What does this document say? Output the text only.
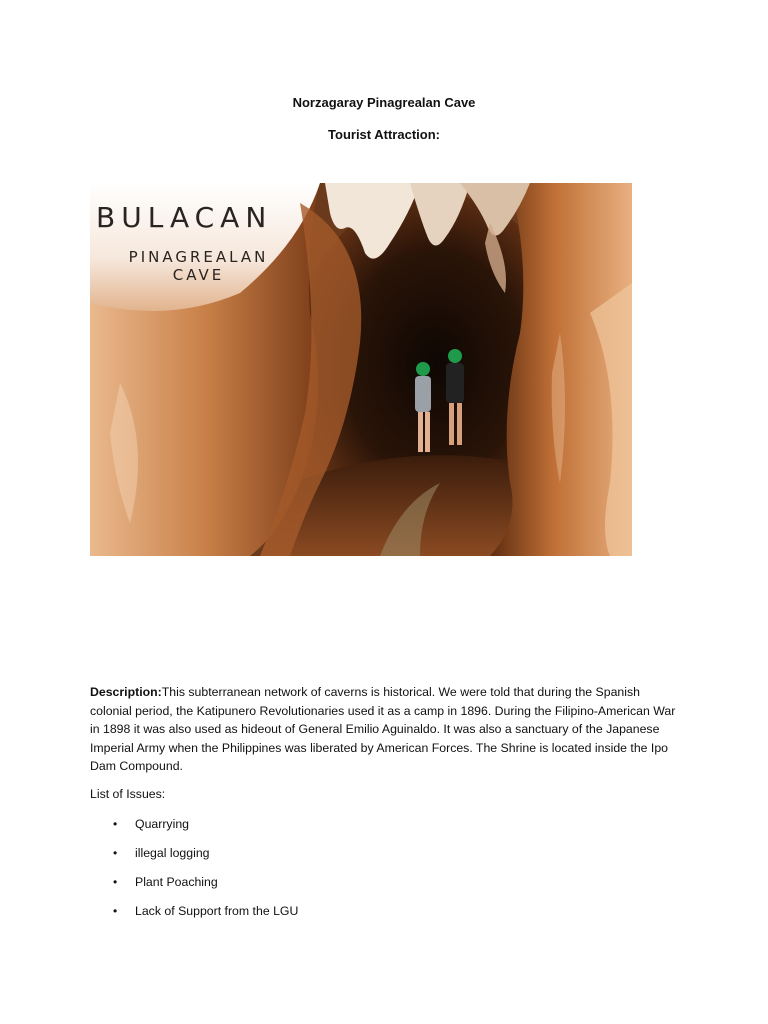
Norzagaray Pinagrealan Cave
Tourist Attraction:
BULACAN
PINAGREALAN CAVE
Description:This subterranean network of caverns is historical. We were told that during the Spanish colonial period, the Katipunero Revolutionaries used it as a camp in 1896. During the Filipino-American War in 1898 it was also used as hideout of General Emilio Aguinaldo. It was also a sanctuary of the Japanese Imperial Army when the Philippines was liberated by American Forces. The Shrine is located inside the Ipo Dam Compound.
List of Issues:
•	Quarrying
•	illegal logging
•	Plant Poaching
•	Lack of Support from the LGU
